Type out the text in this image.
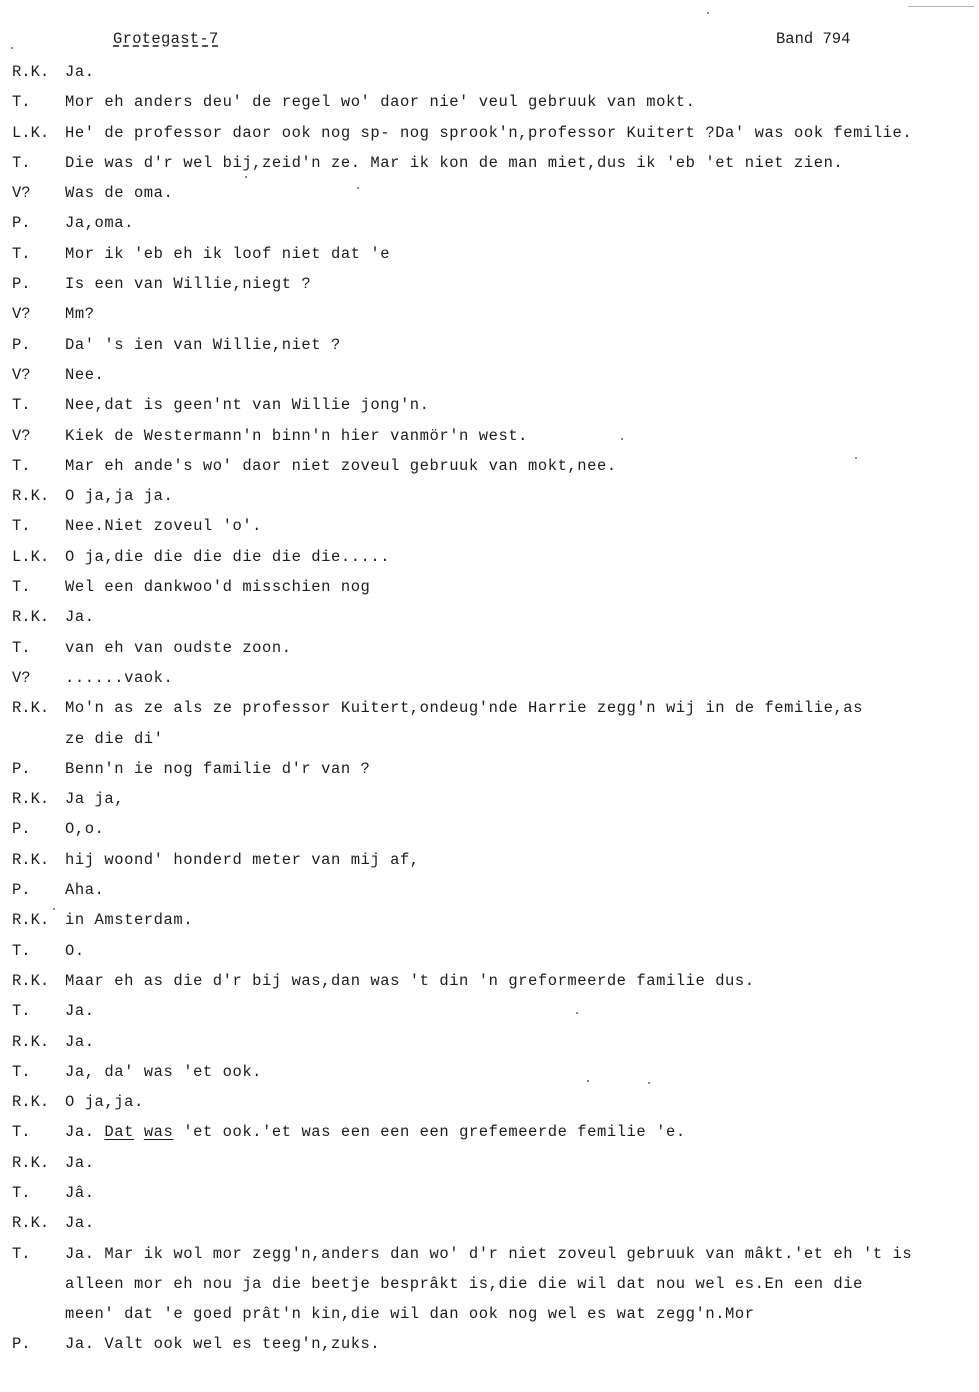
Grotegast-7	Band 794
R.K.	Ja.
T.	Mor eh anders deu' de regel wo' daor nie' veul gebruuk van mokt.
L.K.	He' de professor daor ook nog sp- nog sprook'n,professor Kuitert ?Da' was ook femilie.
T.	Die was d'r wel bij,zeid'n ze. Mar ik kon de man miet,dus ik 'eb 'et niet zien.
V?	Was de oma.
P.	Ja,oma.
T.	Mor ik 'eb eh ik loof niet dat 'e
P.	Is een van Willie,niegt ?
V?	Mm?
P.	Da' 's ien van Willie,niet ?
V?	Nee.
T.	Nee,dat is geen'nt van Willie jong'n.
V?	Kiek de Westermann'n binn'n hier vanmör'n west.
T.	Mar eh ande's wo' daor niet zoveul gebruuk van mokt,nee.
R.K.	O ja,ja ja.
T.	Nee.Niet zoveul 'o'.
L.K.	O ja,die die die die die die.....
T.	Wel een dankwoo'd misschien nog
R.K.	Ja.
T.	van eh van oudste zoon.
V?	......vaok.
R.K.	Mo'n as ze als ze professor Kuitert,ondeug'nde Harrie zegg'n wij in de femilie,as
ze die di'
P.	Benn'n ie nog familie d'r van ?
R.K.	Ja ja,
P.	O,o.
R.K.	hij woond' honderd meter van mij af,
P.	Aha.
R.K.	in Amsterdam.
T.	O.
R.K.	Maar eh as die d'r bij was,dan was 't din 'n greformeerde familie dus.
T.	Ja.
R.K.	Ja.
T.	Ja, da' was 'et ook.
R.K.	O ja,ja.
T.	Ja. Dat was 'et ook.'et was een een een grefemeerde femilie 'e.
R.K.	Ja.
T.	Jâ.
R.K.	Ja.
T.	Ja. Mar ik wol mor zegg'n,anders dan wo' d'r niet zoveul gebruuk van mâkt.'et eh 't is
alleen mor eh nou ja die beetje besprâkt is,die die wil dat nou wel es.En een die
meen' dat 'e goed prât'n kin,die wil dan ook nog wel es wat zegg'n.Mor
P.	Ja. Valt ook wel es teeg'n,zuks.
